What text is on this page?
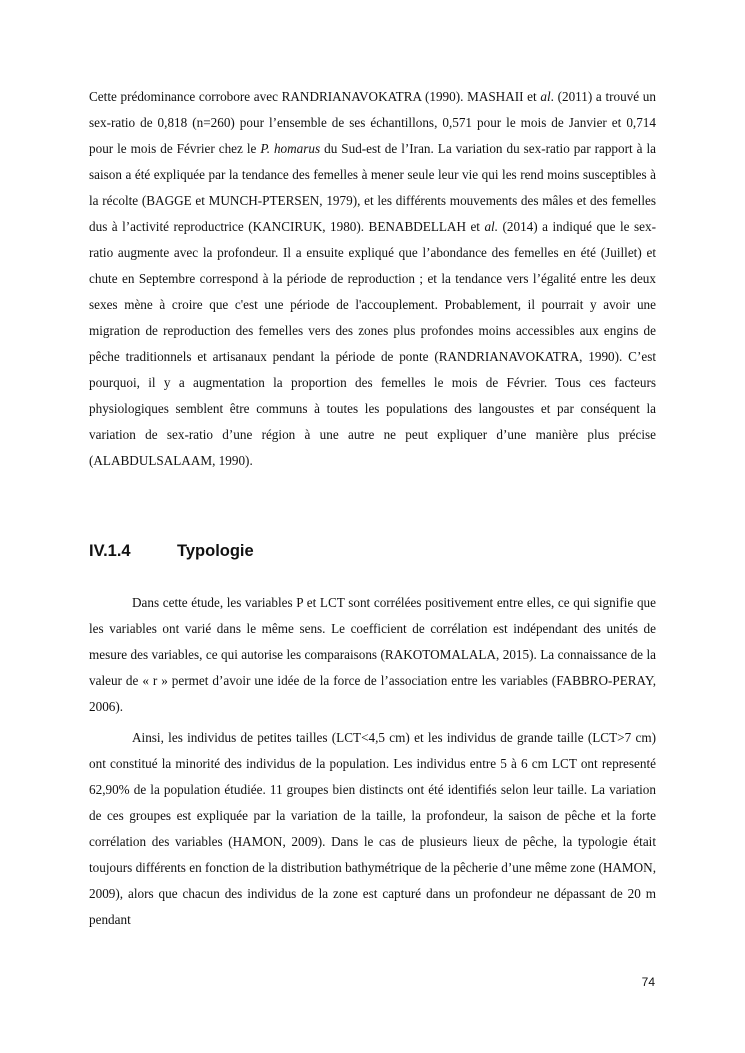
Cette prédominance corrobore avec RANDRIANAVOKATRA (1990). MASHAII et al. (2011) a trouvé un sex-ratio de 0,818 (n=260) pour l’ensemble de ses échantillons, 0,571 pour le mois de Janvier et 0,714 pour le mois de Février chez le P. homarus du Sud-est de l’Iran. La variation du sex-ratio par rapport à la saison a été expliquée par la tendance des femelles à mener seule leur vie qui les rend moins susceptibles à la récolte (BAGGE et MUNCH-PTERSEN, 1979), et les différents mouvements des mâles et des femelles dus à l’activité reproductrice (KANCIRUK, 1980). BENABDELLAH et al. (2014) a indiqué que le sex-ratio augmente avec la profondeur. Il a ensuite expliqué que l’abondance des femelles en été (Juillet) et chute en Septembre correspond à la période de reproduction ; et la tendance vers l’égalité entre les deux sexes mène à croire que c'est une période de l'accouplement. Probablement, il pourrait y avoir une migration de reproduction des femelles vers des zones plus profondes moins accessibles aux engins de pêche traditionnels et artisanaux pendant la période de ponte (RANDRIANAVOKATRA, 1990). C’est pourquoi, il y a augmentation la proportion des femelles le mois de Février. Tous ces facteurs physiologiques semblent être communs à toutes les populations des langoustes et par conséquent la variation de sex-ratio d’une région à une autre ne peut expliquer d’une manière plus précise (ALABDULSALAAM, 1990).

IV.1.4	Typologie

Dans cette étude, les variables P et LCT sont corrélées positivement entre elles, ce qui signifie que les variables ont varié dans le même sens. Le coefficient de corrélation est indépendant des unités de mesure des variables, ce qui autorise les comparaisons (RAKOTOMALALA, 2015). La connaissance de la valeur de « r » permet d’avoir une idée de la force de l’association entre les variables (FABBRO-PERAY, 2006).

Ainsi, les individus de petites tailles (LCT<4,5 cm) et les individus de grande taille (LCT>7 cm) ont constitué la minorité des individus de la population. Les individus entre 5 à 6 cm LCT ont representé 62,90% de la population étudiée. 11 groupes bien distincts ont été identifiés selon leur taille. La variation de ces groupes est expliquée par la variation de la taille, la profondeur, la saison de pêche et la forte corrélation des variables (HAMON, 2009). Dans le cas de plusieurs lieux de pêche, la typologie était toujours différents en fonction de la distribution bathymétrique de la pêcherie d’une même zone (HAMON, 2009), alors que chacun des individus de la zone est capturé dans un profondeur ne dépassant de 20 m pendant

74
